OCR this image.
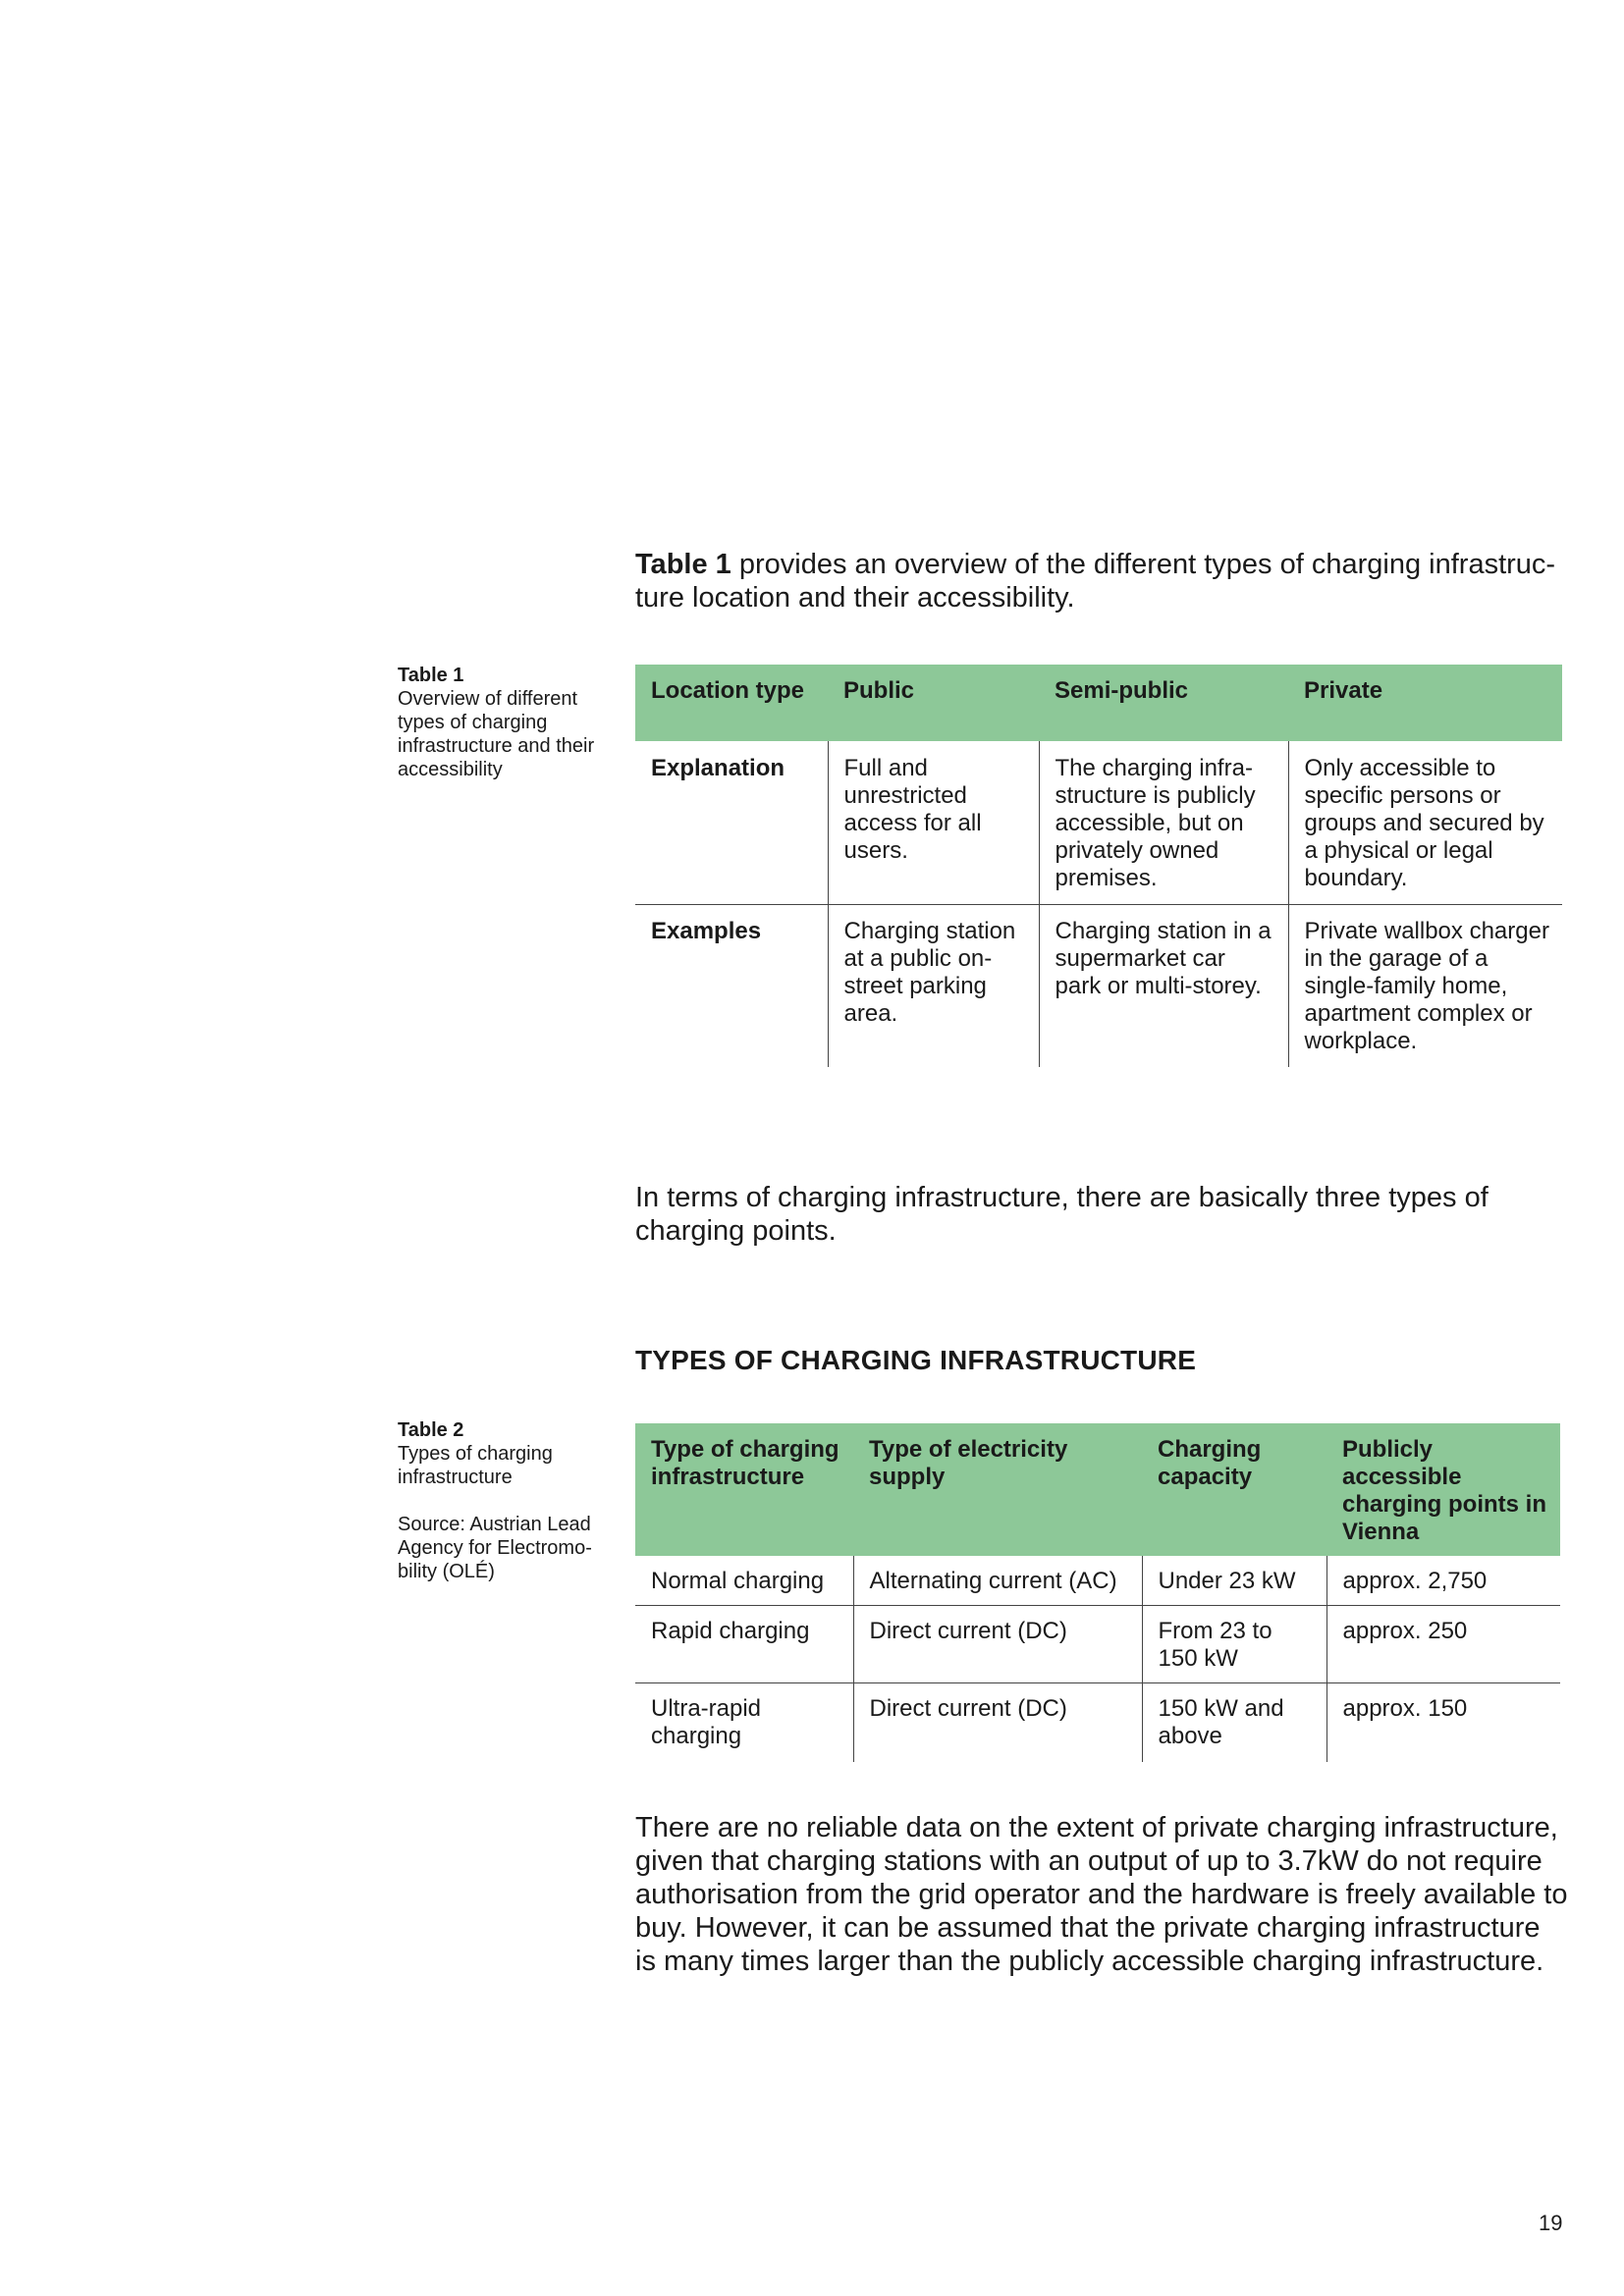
Table 1 provides an overview of the different types of charging infrastructure location and their accessibility.

Table 1
Overview of different types of charging infrastructure and their accessibility
Location type	Public	Semi-public	Private
Explanation	Full and unrestricted access for all users.	The charging infrastructure is publicly accessible, but on privately owned premises.	Only accessible to specific persons or groups and secured by a physical or legal boundary.
Examples	Charging station at a public on-street parking area.	Charging station in a supermarket car park or multi-storey.	Private wallbox charger in the garage of a single-family home, apartment complex or workplace.

In terms of charging infrastructure, there are basically three types of charging points.

TYPES OF CHARGING INFRASTRUCTURE
Table 2
Types of charging infrastructure
Source: Austrian Lead Agency for Electromobility (OLÉ)
Type of charging infrastructure	Type of electricity supply	Charging capacity	Publicly accessible charging points in Vienna
Normal charging	Alternating current (AC)	Under 23 kW	approx. 2,750
Rapid charging	Direct current (DC)	From 23 to 150 kW	approx. 250
Ultra-rapid charging	Direct current (DC)	150 kW and above	approx. 150

There are no reliable data on the extent of private charging infrastructure, given that charging stations with an output of up to 3.7kW do not require authorisation from the grid operator and the hardware is freely available to buy. However, it can be assumed that the private charging infrastructure is many times larger than the publicly accessible charging infrastructure.

19
